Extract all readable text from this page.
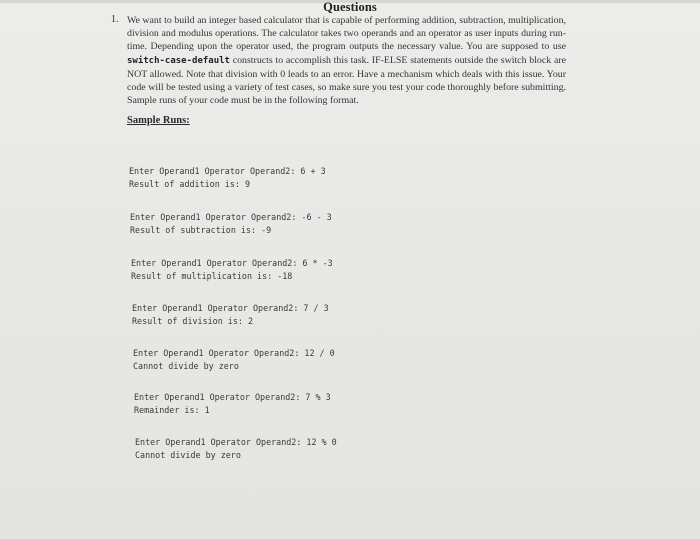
Questions
1. We want to build an integer based calculator that is capable of performing addition, subtraction, multiplication, division and modulus operations. The calculator takes two operands and an operator as user inputs during run-time. Depending upon the operator used, the program outputs the necessary value. You are supposed to use switch-case-default constructs to accomplish this task. IF-ELSE statements outside the switch block are NOT allowed. Note that division with 0 leads to an error. Have a mechanism which deals with this issue. Your code will be tested using a variety of test cases, so make sure you test your code thoroughly before submitting. Sample runs of your code must be in the following format.
Sample Runs:
Enter Operand1 Operator Operand2: 6 + 3
Result of addition is: 9
Enter Operand1 Operator Operand2: -6 - 3
Result of subtraction is: -9
Enter Operand1 Operator Operand2: 6 * -3
Result of multiplication is: -18
Enter Operand1 Operator Operand2: 7 / 3
Result of division is: 2
Enter Operand1 Operator Operand2: 12 / 0
Cannot divide by zero
Enter Operand1 Operator Operand2: 7 % 3
Remainder is: 1
Enter Operand1 Operator Operand2: 12 % 0
Cannot divide by zero
